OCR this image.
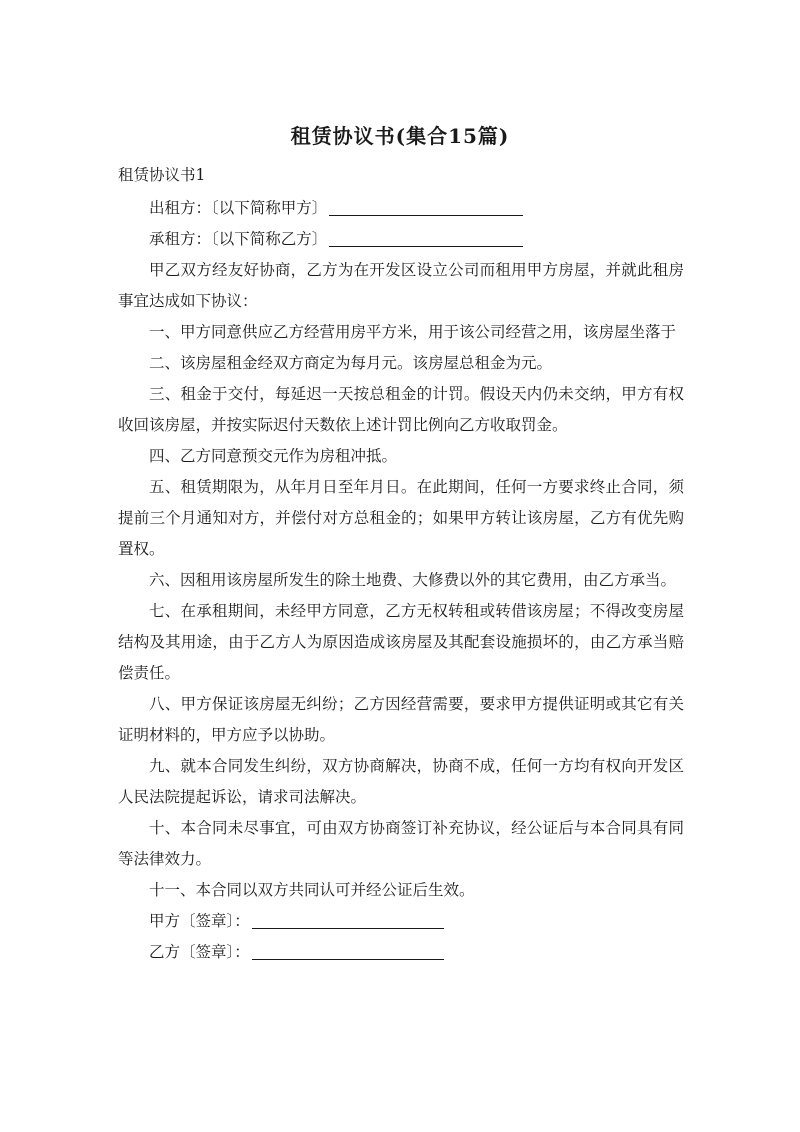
租赁协议书(集合15篇)
租赁协议书1

出租方：〔以下简称甲方〕

承租方：〔以下简称乙方〕

甲乙双方经友好协商，乙方为在开发区设立公司而租用甲方房屋，并就此租房事宜达成如下协议：

一、甲方同意供应乙方经营用房平方米，用于该公司经营之用，该房屋坐落于

二、该房屋租金经双方商定为每月元。该房屋总租金为元。

三、租金于交付，每延迟一天按总租金的计罚。假设天内仍未交纳，甲方有权收回该房屋，并按实际迟付天数依上述计罚比例向乙方收取罚金。

四、乙方同意预交元作为房租冲抵。

五、租赁期限为，从年月日至年月日。在此期间，任何一方要求终止合同，须提前三个月通知对方，并偿付对方总租金的；如果甲方转让该房屋，乙方有优先购置权。

六、因租用该房屋所发生的除土地费、大修费以外的其它费用，由乙方承当。

七、在承租期间，未经甲方同意，乙方无权转租或转借该房屋；不得改变房屋结构及其用途，由于乙方人为原因造成该房屋及其配套设施损坏的，由乙方承当赔偿责任。

八、甲方保证该房屋无纠纷；乙方因经营需要，要求甲方提供证明或其它有关证明材料的，甲方应予以协助。

九、就本合同发生纠纷，双方协商解决，协商不成，任何一方均有权向开发区人民法院提起诉讼，请求司法解决。

十、本合同未尽事宜，可由双方协商签订补充协议，经公证后与本合同具有同等法律效力。

十一、本合同以双方共同认可并经公证后生效。

甲方〔签章〕：

乙方〔签章〕：
